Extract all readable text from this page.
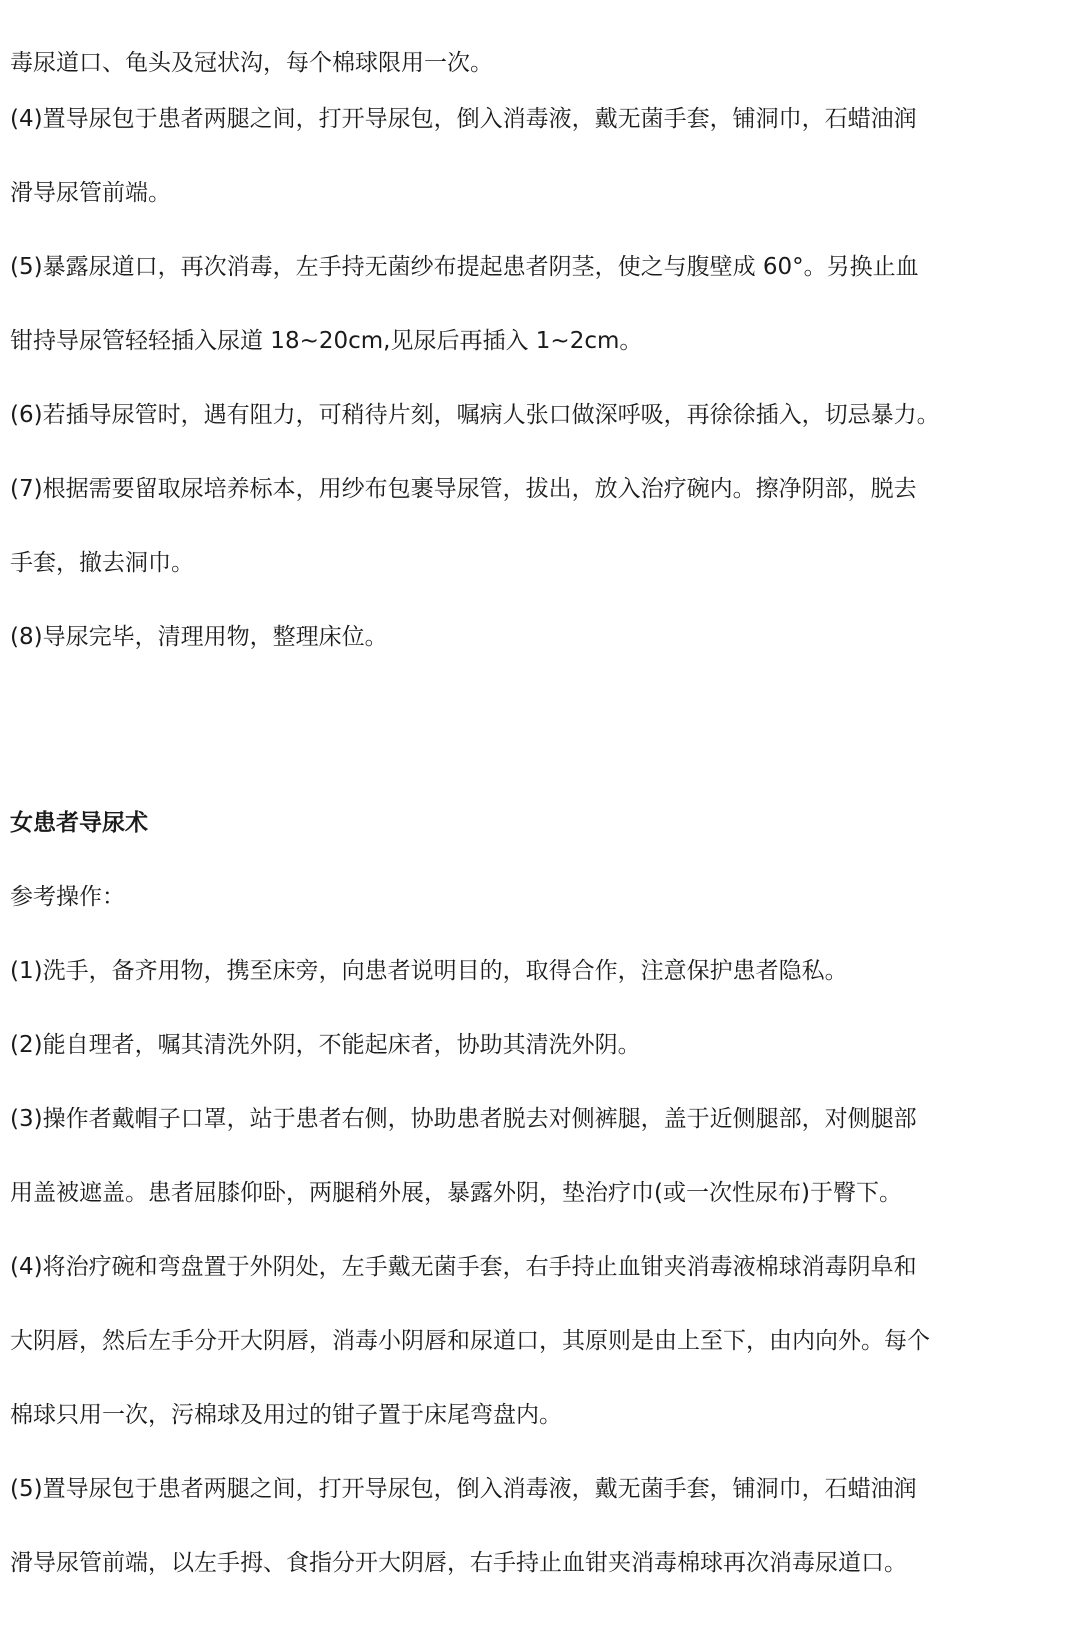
毒尿道口、龟头及冠状沟，每个棉球限用一次。

(4)置导尿包于患者两腿之间，打开导尿包，倒入消毒液，戴无菌手套，铺洞巾，石蜡油润

滑导尿管前端。

(5)暴露尿道口，再次消毒，左手持无菌纱布提起患者阴茎，使之与腹壁成 60°。另换止血

钳持导尿管轻轻插入尿道 18~20cm,见尿后再插入 1~2cm。

(6)若插导尿管时，遇有阻力，可稍待片刻，嘱病人张口做深呼吸，再徐徐插入，切忌暴力。

(7)根据需要留取尿培养标本，用纱布包裹导尿管，拔出，放入治疗碗内。擦净阴部，脱去

手套，撤去洞巾。

(8)导尿完毕，清理用物，整理床位。

女患者导尿术

参考操作：

(1)洗手，备齐用物，携至床旁，向患者说明目的，取得合作，注意保护患者隐私。

(2)能自理者，嘱其清洗外阴，不能起床者，协助其清洗外阴。

(3)操作者戴帽子口罩，站于患者右侧，协助患者脱去对侧裤腿，盖于近侧腿部，对侧腿部

用盖被遮盖。患者屈膝仰卧，两腿稍外展，暴露外阴，垫治疗巾(或一次性尿布)于臀下。

(4)将治疗碗和弯盘置于外阴处，左手戴无菌手套，右手持止血钳夹消毒液棉球消毒阴阜和

大阴唇，然后左手分开大阴唇，消毒小阴唇和尿道口，其原则是由上至下，由内向外。每个

棉球只用一次，污棉球及用过的钳子置于床尾弯盘内。

(5)置导尿包于患者两腿之间，打开导尿包，倒入消毒液，戴无菌手套，铺洞巾，石蜡油润

滑导尿管前端，以左手拇、食指分开大阴唇，右手持止血钳夹消毒棉球再次消毒尿道口。
